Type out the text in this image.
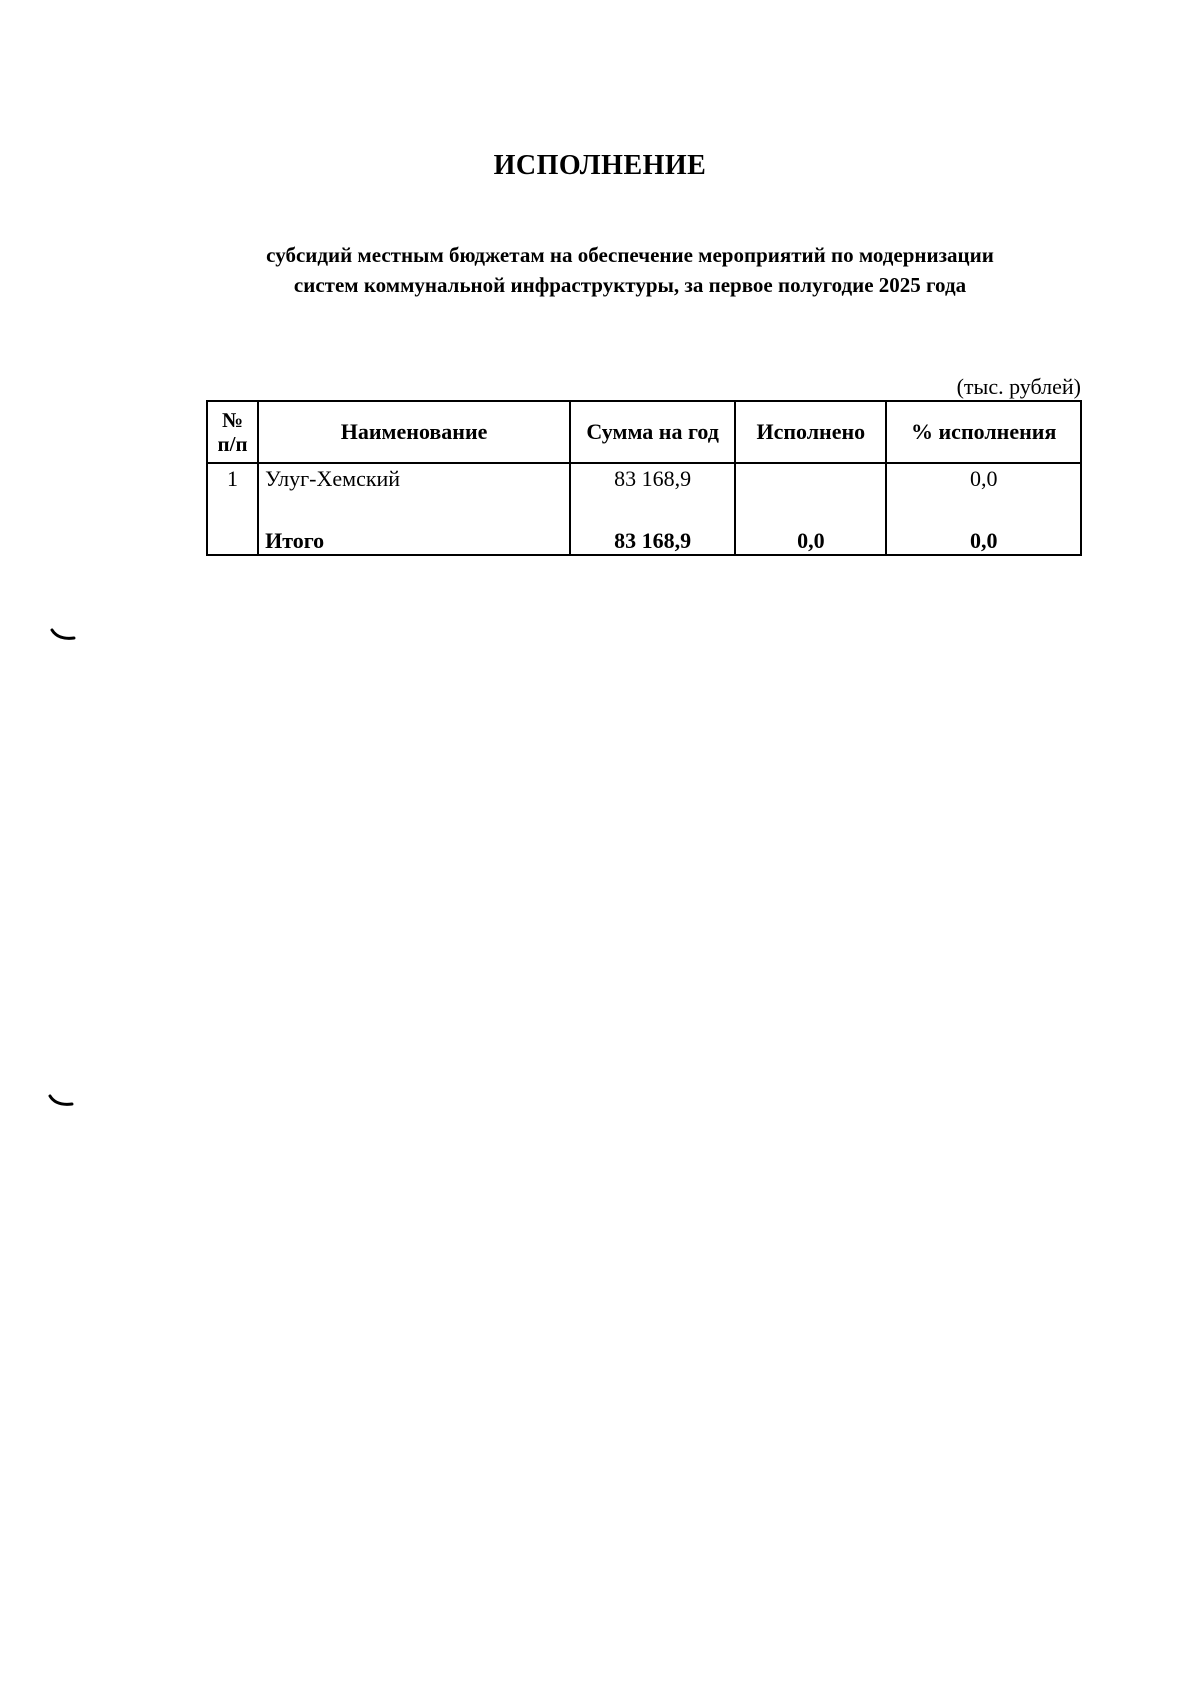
ИСПОЛНЕНИЕ
субсидий местным бюджетам на обеспечение мероприятий по модернизации
систем коммунальной инфраструктуры, за первое полугодие 2025 года
(тыс. рублей)
№
п/п	Наименование	Сумма на год	Исполнено	% исполнения
1	Улуг-Хемский	83 168,9		0,0
	Итого	83 168,9	0,0	0,0
